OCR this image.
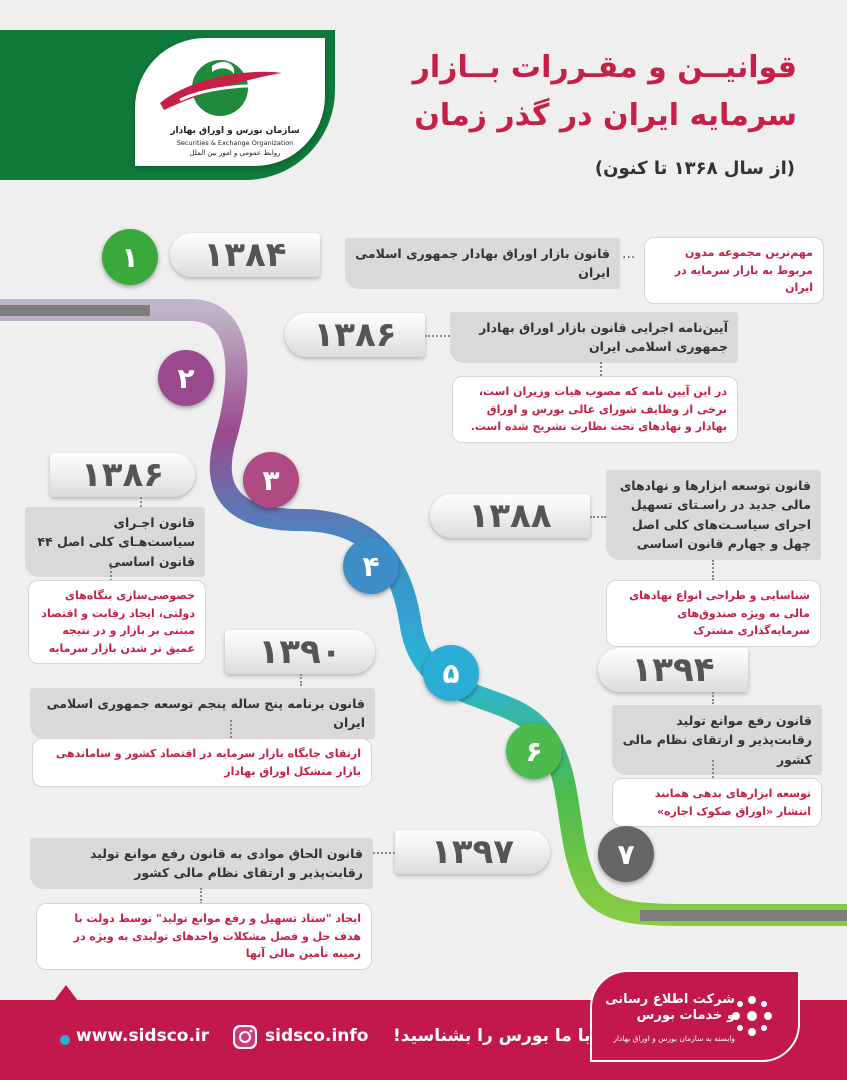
سازمان بورس و اوراق بهادار
Securities & Exchange Organization
روابط عمومی و امور بین الملل
قوانیــن و مقـررات بــازار
سرمایه ایران در گذر زمان
(از سال ۱۳۶۸ تا کنون)
۱	۱۳۸۴	قانون بازار اوراق بهادار جمهوری اسلامی ایران
...	مهم‌ترین مجموعه مدون مربوط به بازار سرمایه در ایران
۲
۱۳۸۶	آیین‌نامه اجرایی قانون بازار اوراق بهادار جمهوری اسلامی ایران
در این آیین نامه که مصوب هیات وزیران است، برخی از وظایف شورای عالی بورس و اوراق بهادار و نهادهای تحت نظارت تشریح شده است.
۳
۱۳۸۶
قانون اجـرای سیاست‌هـای کلی اصل ۴۴ قانون اساسی
خصوصی‌سازی بنگاه‌های دولتی، ایجاد رقابت و اقتصاد مبتنی بر بازار و در نتیجه عمیق تر شدن بازار سرمایه
۴
۱۳۸۸
قانون توسعه ابزارها و نهادهای مالی جدید در راسـتای تسهیل اجرای سیاسـت‌های کلی اصل چهل و چهارم قانون اساسی
شناسایی و طراحی انواع نهادهای مالی به ویژه صندوق‌های سرمایه‌گذاری مشترک
۵
۱۳۹۰
قانون برنامه پنج ساله پنجم توسعه جمهوری اسلامی ایران
ارتقای جایگاه بازار سرمایه در اقتصاد کشور و ساماندهی بازار متشکل اوراق بهادار
۶
۱۳۹۴
قانون رفع موانع تولید رقابت‌پذیر و ارتقای نظام مالی کشور
توسعه ابزارهای بدهی همانند انتشار «اوراق صکوک اجاره»
۷
۱۳۹۷
قانون الحاق موادی به قانون رفع موانع تولید رقابت‌پذیر و ارتقای نظام مالی کشور
ایجاد "ستاد تسهیل و رفع موانع تولید" توسط دولت با هدف حل و فصل مشکلات واحدهای تولیدی به ویژه در زمینه تأمین مالی آنها
شرکت اطلاع رسانی و خدمات بورس
وابسته به سازمان بورس و اوراق بهادار
با ما بورس را بشناسید!
sidsco.info
www.sidsco.ir
